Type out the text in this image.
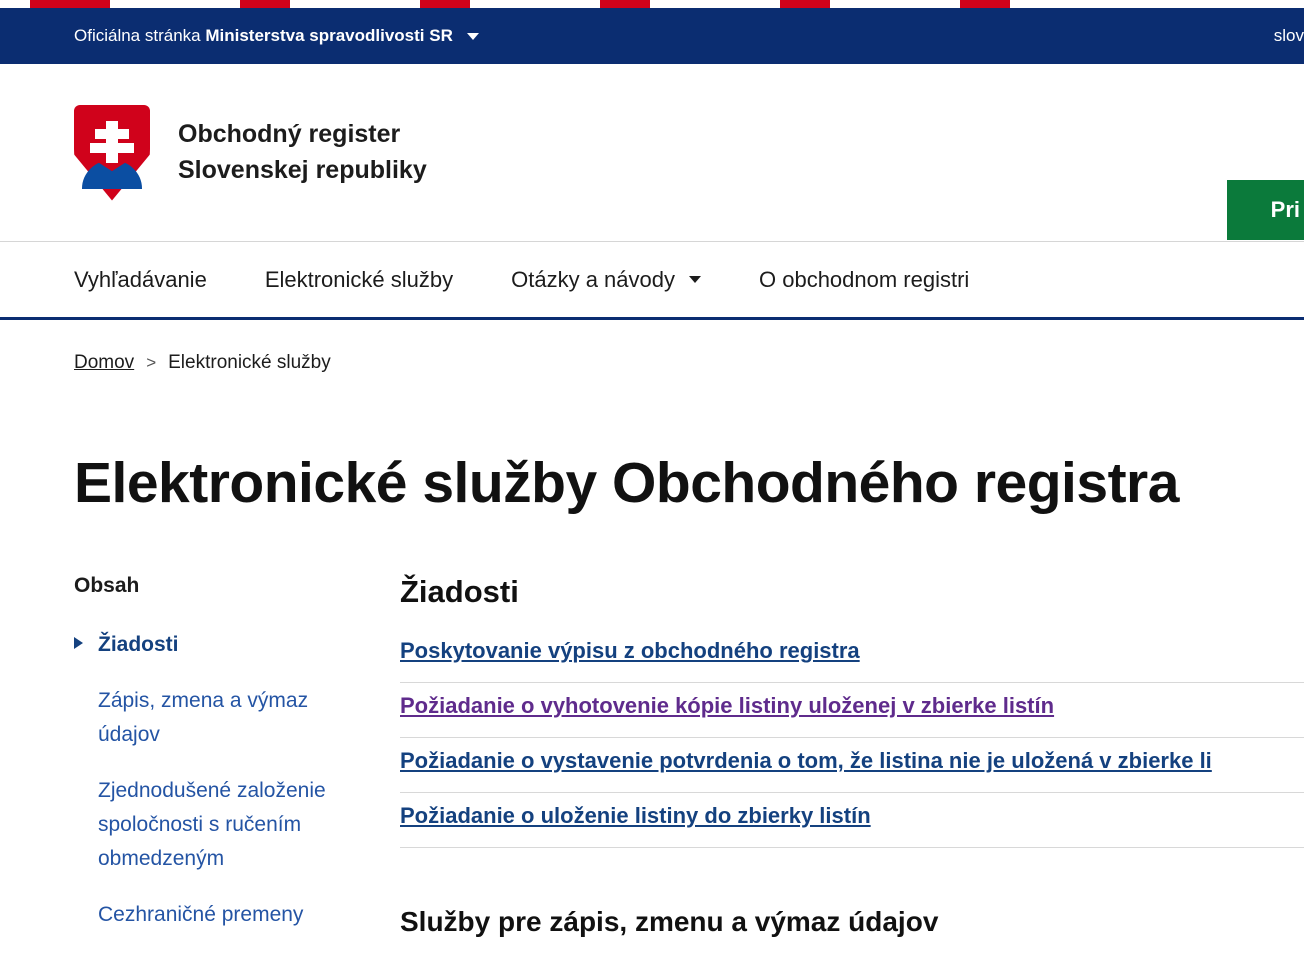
Oficiálna stránka Ministerstva spravodlivosti SR	slov
Obchodný register
Slovenskej republiky
Pri
Vyhľadávanie	Elektronické služby	Otázky a návody	O obchodnom registri
Domov > Elektronické služby
Elektronické služby Obchodného registra
Obsah
Žiadosti
Zápis, zmena a výmaz údajov
Zjednodušené založenie spoločnosti s ručením obmedzeným
Cezhraničné premeny
Žiadosti
Poskytovanie výpisu z obchodného registra
Požiadanie o vyhotovenie kópie listiny uloženej v zbierke listín
Požiadanie o vystavenie potvrdenia o tom, že listina nie je uložená v zbierke li
Požiadanie o uloženie listiny do zbierky listín
Služby pre zápis, zmenu a výmaz údajov
